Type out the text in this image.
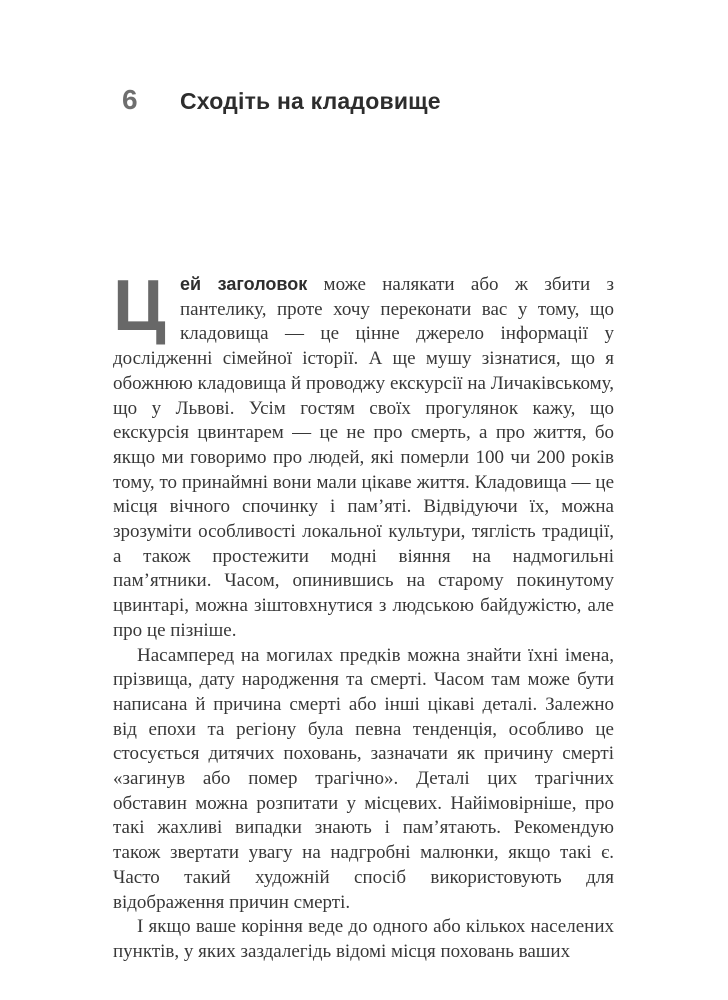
6	Сходіть на кладовище

Цей заголовок може налякати або ж збити з пантелику, проте хочу переконати вас у тому, що кладовища — це цінне джерело інформації у дослідженні сімейної історії. А ще мушу зізнатися, що я обожнюю кладовища й проводжу екскурсії на Личаківському, що у Львові. Усім гостям своїх прогулянок кажу, що екскурсія цвинтарем — це не про смерть, а про життя, бо якщо ми говоримо про людей, які померли 100 чи 200 років тому, то принаймні вони мали цікаве життя. Кладовища — це місця вічного спочинку і пам’яті. Відвідуючи їх, можна зрозуміти особливості локальної культури, тяглість традиції, а також простежити модні віяння на надмогильні пам’ятники. Часом, опинившись на старому покинутому цвинтарі, можна зіштовхнутися з людською байдужістю, але про це пізніше.

Насамперед на могилах предків можна знайти їхні імена, прізвища, дату народження та смерті. Часом там може бути написана й причина смерті або інші цікаві деталі. Залежно від епохи та регіону була певна тенденція, особливо це стосується дитячих поховань, зазначати як причину смерті «загинув або помер трагічно». Деталі цих трагічних обставин можна розпитати у місцевих. Найімовірніше, про такі жахливі випадки знають і пам’ятають. Рекомендую також звертати увагу на надгробні малюнки, якщо такі є. Часто такий художній спосіб використовують для відображення причин смерті.

І якщо ваше коріння веде до одного або кількох населених пунктів, у яких заздалегідь відомі місця поховань ваших
